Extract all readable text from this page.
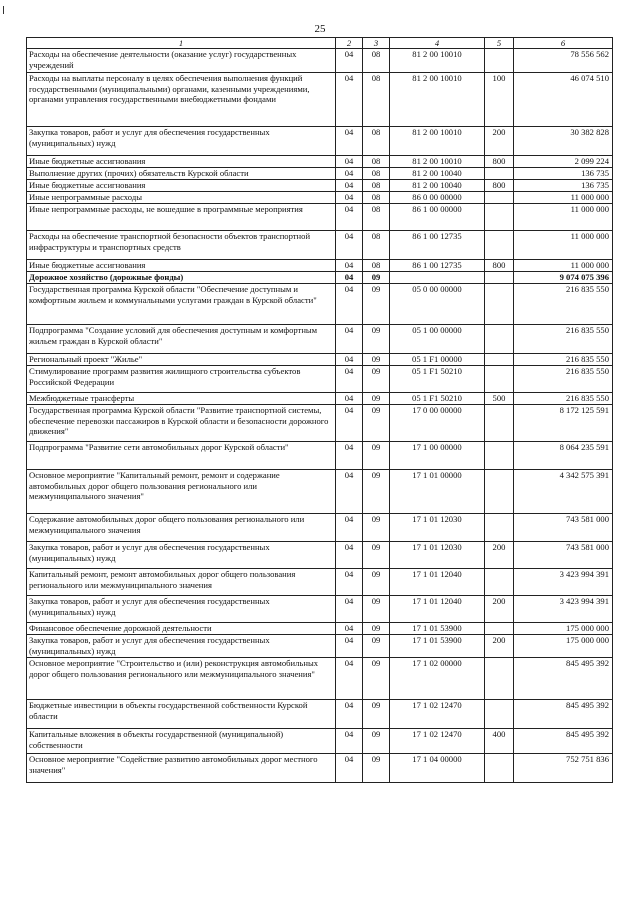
25
1	2	3	4	5	6
Расходы на обеспечение деятельности (оказание услуг) государственных учреждений	04	08	81 2 00 10010		78 556 562
Расходы на выплаты персоналу в целях обеспечения выполнения функций государственными (муниципальными) органами, казенными учреждениями, органами управления государственными внебюджетными фондами	04	08	81 2 00 10010	100	46 074 510
Закупка товаров, работ и услуг для обеспечения государственных (муниципальных) нужд	04	08	81 2 00 10010	200	30 382 828
Иные бюджетные ассигнования	04	08	81 2 00 10010	800	2 099 224
Выполнение других (прочих) обязательств Курской области	04	08	81 2 00 10040		136 735
Иные бюджетные ассигнования	04	08	81 2 00 10040	800	136 735
Иные непрограммные расходы	04	08	86 0 00 00000		11 000 000
Иные непрограммные расходы, не вошедшие в программные мероприятия	04	08	86 1 00 00000		11 000 000
Расходы на обеспечение транспортной безопасности объектов транспортной инфраструктуры и транспортных средств	04	08	86 1 00 12735		11 000 000
Иные бюджетные ассигнования	04	08	86 1 00 12735	800	11 000 000
Дорожное хозяйство (дорожные фонды)	04	09			9 074 075 396
Государственная программа Курской области "Обеспечение доступным и комфортным жильем и коммунальными услугами граждан в Курской области"	04	09	05 0 00 00000		216 835 550
Подпрограмма "Создание условий для обеспечения доступным и комфортным жильем граждан в Курской области"	04	09	05 1 00 00000		216 835 550
Региональный проект "Жилье"	04	09	05 1 F1 00000		216 835 550
Стимулирование программ развития жилищного строительства субъектов Российской Федерации	04	09	05 1 F1 50210		216 835 550
Межбюджетные трансферты	04	09	05 1 F1 50210	500	216 835 550
Государственная программа Курской области "Развитие транспортной системы, обеспечение перевозки пассажиров в Курской области и безопасности дорожного движения"	04	09	17 0 00 00000		8 172 125 591
Подпрограмма "Развитие сети автомобильных дорог Курской области"	04	09	17 1 00 00000		8 064 235 591
Основное мероприятие "Капитальный ремонт, ремонт и содержание автомобильных дорог общего пользования регионального или межмуниципального значения"	04	09	17 1 01 00000		4 342 575 391
Содержание автомобильных дорог общего пользования регионального или межмуниципального значения	04	09	17 1 01 12030		743 581 000
Закупка товаров, работ и услуг для обеспечения государственных (муниципальных) нужд	04	09	17 1 01 12030	200	743 581 000
Капитальный ремонт, ремонт автомобильных дорог общего пользования регионального или межмуниципального значения	04	09	17 1 01 12040		3 423 994 391
Закупка товаров, работ и услуг для обеспечения государственных (муниципальных) нужд	04	09	17 1 01 12040	200	3 423 994 391
Финансовое обеспечение дорожной деятельности	04	09	17 1 01 53900		175 000 000
Закупка товаров, работ и услуг для обеспечения государственных (муниципальных) нужд	04	09	17 1 01 53900	200	175 000 000
Основное мероприятие "Строительство и (или) реконструкция автомобильных дорог общего пользования регионального или межмуниципального значения"	04	09	17 1 02 00000		845 495 392
Бюджетные инвестиции в объекты государственной собственности Курской области	04	09	17 1 02 12470		845 495 392
Капитальные вложения в объекты государственной (муниципальной) собственности	04	09	17 1 02 12470	400	845 495 392
Основное мероприятие "Содействие развитию автомобильных дорог местного значения"	04	09	17 1 04 00000		752 751 836
